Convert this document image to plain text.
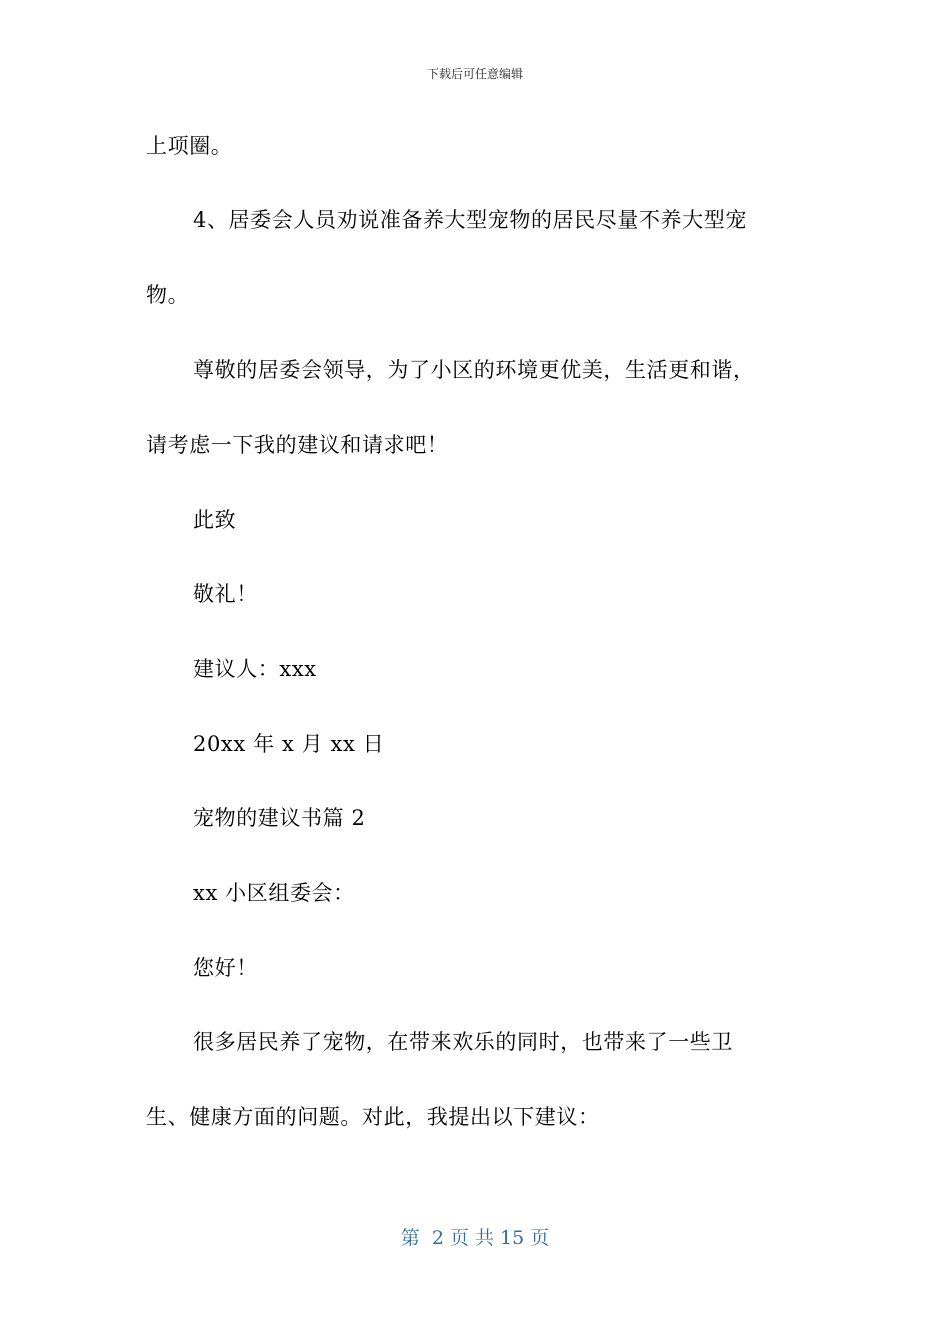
下载后可任意编辑
上项圈。
4、居委会人员劝说准备养大型宠物的居民尽量不养大型宠
物。
尊敬的居委会领导，为了小区的环境更优美，生活更和谐，
请考虑一下我的建议和请求吧！
此致
敬礼！
建议人：xxx
20xx 年 x 月 xx 日
宠物的建议书篇 2
xx 小区组委会：
您好！
很多居民养了宠物，在带来欢乐的同时，也带来了一些卫
生、健康方面的问题。对此，我提出以下建议：
第  2 页 共 15 页
